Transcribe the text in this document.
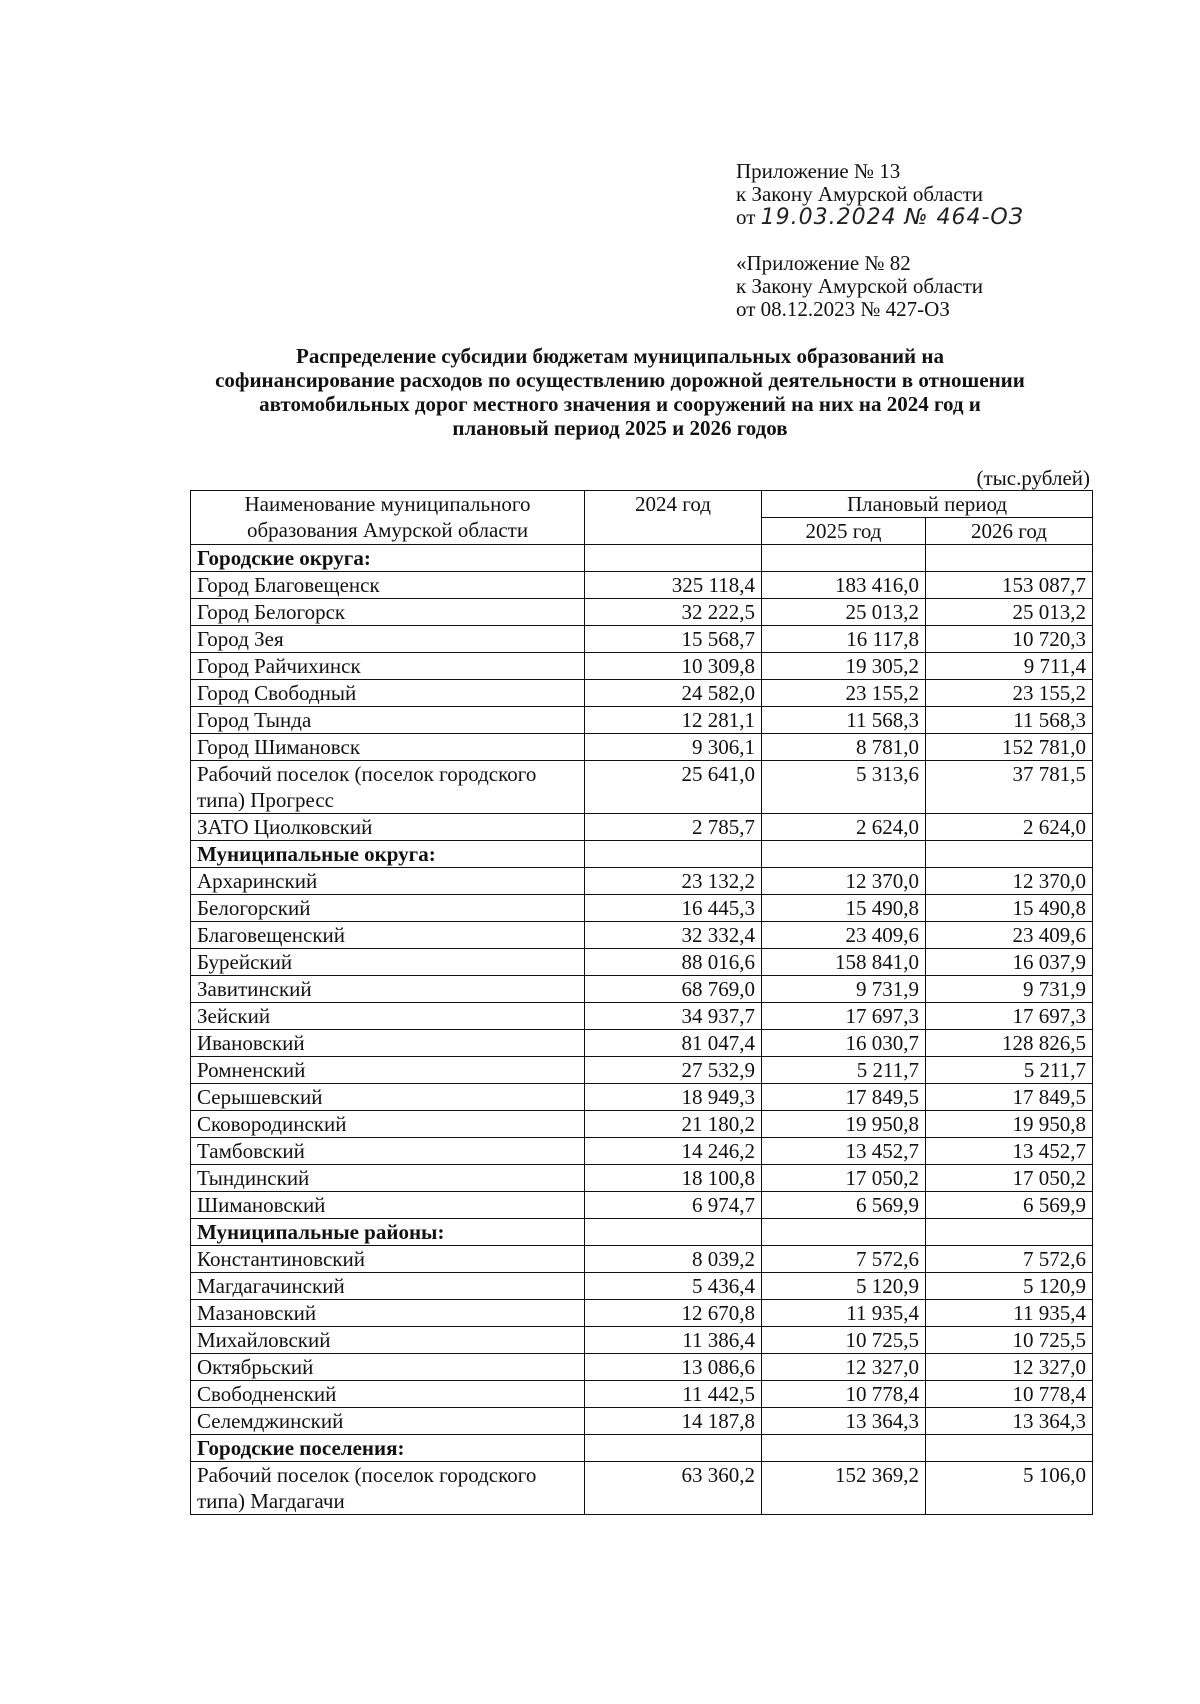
Приложение № 13
к Закону Амурской области
от 19.03.2024 № 464-ОЗ
«Приложение № 82
к Закону Амурской области
от 08.12.2023 № 427-ОЗ
Распределение субсидии бюджетам муниципальных образований на
софинансирование расходов по осуществлению дорожной деятельности в отношении
автомобильных дорог местного значения и сооружений на них на 2024 год и
плановый период 2025 и 2026 годов
(тыс.рублей)
Наименование муниципального
образования Амурской области	2024 год	Плановый период	
		2025 год	2026 год
Городские округа:			
Город Благовещенск	325 118,4	183 416,0	153 087,7
Город Белогорск	32 222,5	25 013,2	25 013,2
Город Зея	15 568,7	16 117,8	10 720,3
Город Райчихинск	10 309,8	19 305,2	9 711,4
Город Свободный	24 582,0	23 155,2	23 155,2
Город Тында	12 281,1	11 568,3	11 568,3
Город Шимановск	9 306,1	8 781,0	152 781,0
Рабочий поселок (поселок городского типа) Прогресс	25 641,0	5 313,6	37 781,5
ЗАТО Циолковский	2 785,7	2 624,0	2 624,0
Муниципальные округа:			
Архаринский	23 132,2	12 370,0	12 370,0
Белогорский	16 445,3	15 490,8	15 490,8
Благовещенский	32 332,4	23 409,6	23 409,6
Бурейский	88 016,6	158 841,0	16 037,9
Завитинский	68 769,0	9 731,9	9 731,9
Зейский	34 937,7	17 697,3	17 697,3
Ивановский	81 047,4	16 030,7	128 826,5
Ромненский	27 532,9	5 211,7	5 211,7
Серышевский	18 949,3	17 849,5	17 849,5
Сковородинский	21 180,2	19 950,8	19 950,8
Тамбовский	14 246,2	13 452,7	13 452,7
Тындинский	18 100,8	17 050,2	17 050,2
Шимановский	6 974,7	6 569,9	6 569,9
Муниципальные районы:			
Константиновский	8 039,2	7 572,6	7 572,6
Магдагачинский	5 436,4	5 120,9	5 120,9
Мазановский	12 670,8	11 935,4	11 935,4
Михайловский	11 386,4	10 725,5	10 725,5
Октябрьский	13 086,6	12 327,0	12 327,0
Свободненский	11 442,5	10 778,4	10 778,4
Селемджинский	14 187,8	13 364,3	13 364,3
Городские поселения:			
Рабочий поселок (поселок городского типа) Магдагачи	63 360,2	152 369,2	5 106,0
